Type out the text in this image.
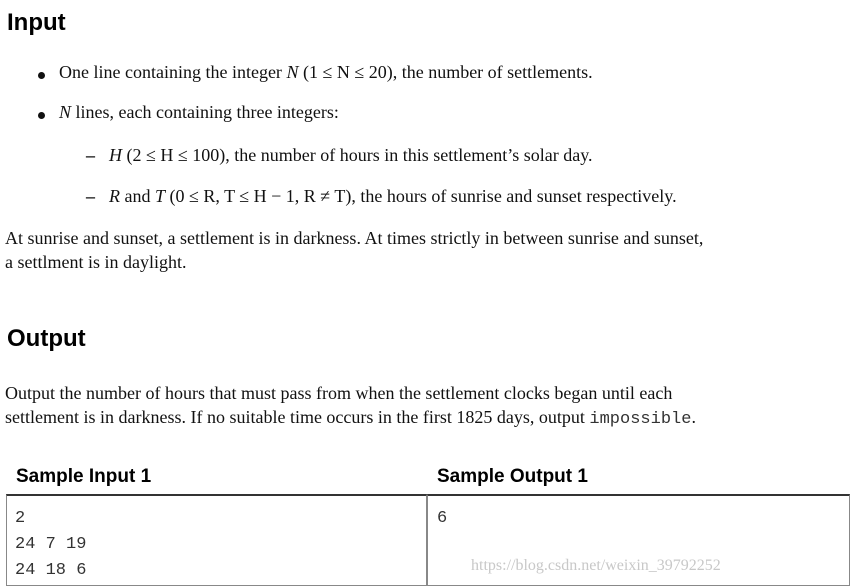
Input
One line containing the integer N (1 ≤ N ≤ 20), the number of settlements.
N lines, each containing three integers:
– H (2 ≤ H ≤ 100), the number of hours in this settlement’s solar day.
– R and T (0 ≤ R, T ≤ H − 1, R ≠ T), the hours of sunrise and sunset respectively.
At sunrise and sunset, a settlement is in darkness. At times strictly in between sunrise and sunset,
a settlment is in daylight.
Output
Output the number of hours that must pass from when the settlement clocks began until each
settlement is in darkness. If no suitable time occurs in the first 1825 days, output impossible.
Sample Input 1	Sample Output 1
2
24 7 19
24 18 6
6
https://blog.csdn.net/weixin_39792252
